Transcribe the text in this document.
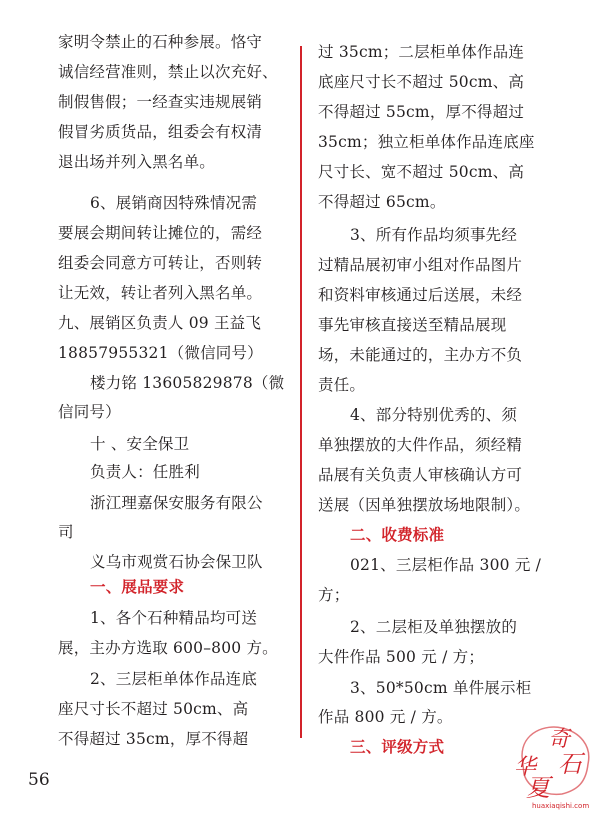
家明令禁止的石种参展。恪守
诚信经营准则，禁止以次充好、
制假售假；一经查实违规展销
假冒劣质货品，组委会有权清
退出场并列入黑名单。
6、展销商因特殊情况需
要展会期间转让摊位的，需经
组委会同意方可转让，否则转
让无效，转让者列入黑名单。
九、展销区负责人 09 王益飞
18857955321（微信同号）
楼力铭 13605829878（微
信同号）
十 、安全保卫
负责人：任胜利
浙江理嘉保安服务有限公
司
义乌市观赏石协会保卫队
一、展品要求
1、各个石种精品均可送
展，主办方选取 600–800 方。
2、三层柜单体作品连底
座尺寸长不超过 50cm、高
不得超过 35cm，厚不得超
过 35cm；二层柜单体作品连
底座尺寸长不超过 50cm、高
不得超过 55cm，厚不得超过
35cm；独立柜单体作品连底座
尺寸长、宽不超过 50cm、高
不得超过 65cm。
3、所有作品均须事先经
过精品展初审小组对作品图片
和资料审核通过后送展，未经
事先审核直接送至精品展现
场，未能通过的，主办方不负
责任。
4、部分特别优秀的、须
单独摆放的大件作品，须经精
品展有关负责人审核确认方可
送展（因单独摆放场地限制）。
二、收费标准
021、三层柜作品 300 元 /
方；
2、二层柜及单独摆放的
大件作品 500 元 / 方；
3、50*50cm 单件展示柜
作品 800 元 / 方。
三、评级方式
56
奇
石
华
夏
huaxiaqishi.com
